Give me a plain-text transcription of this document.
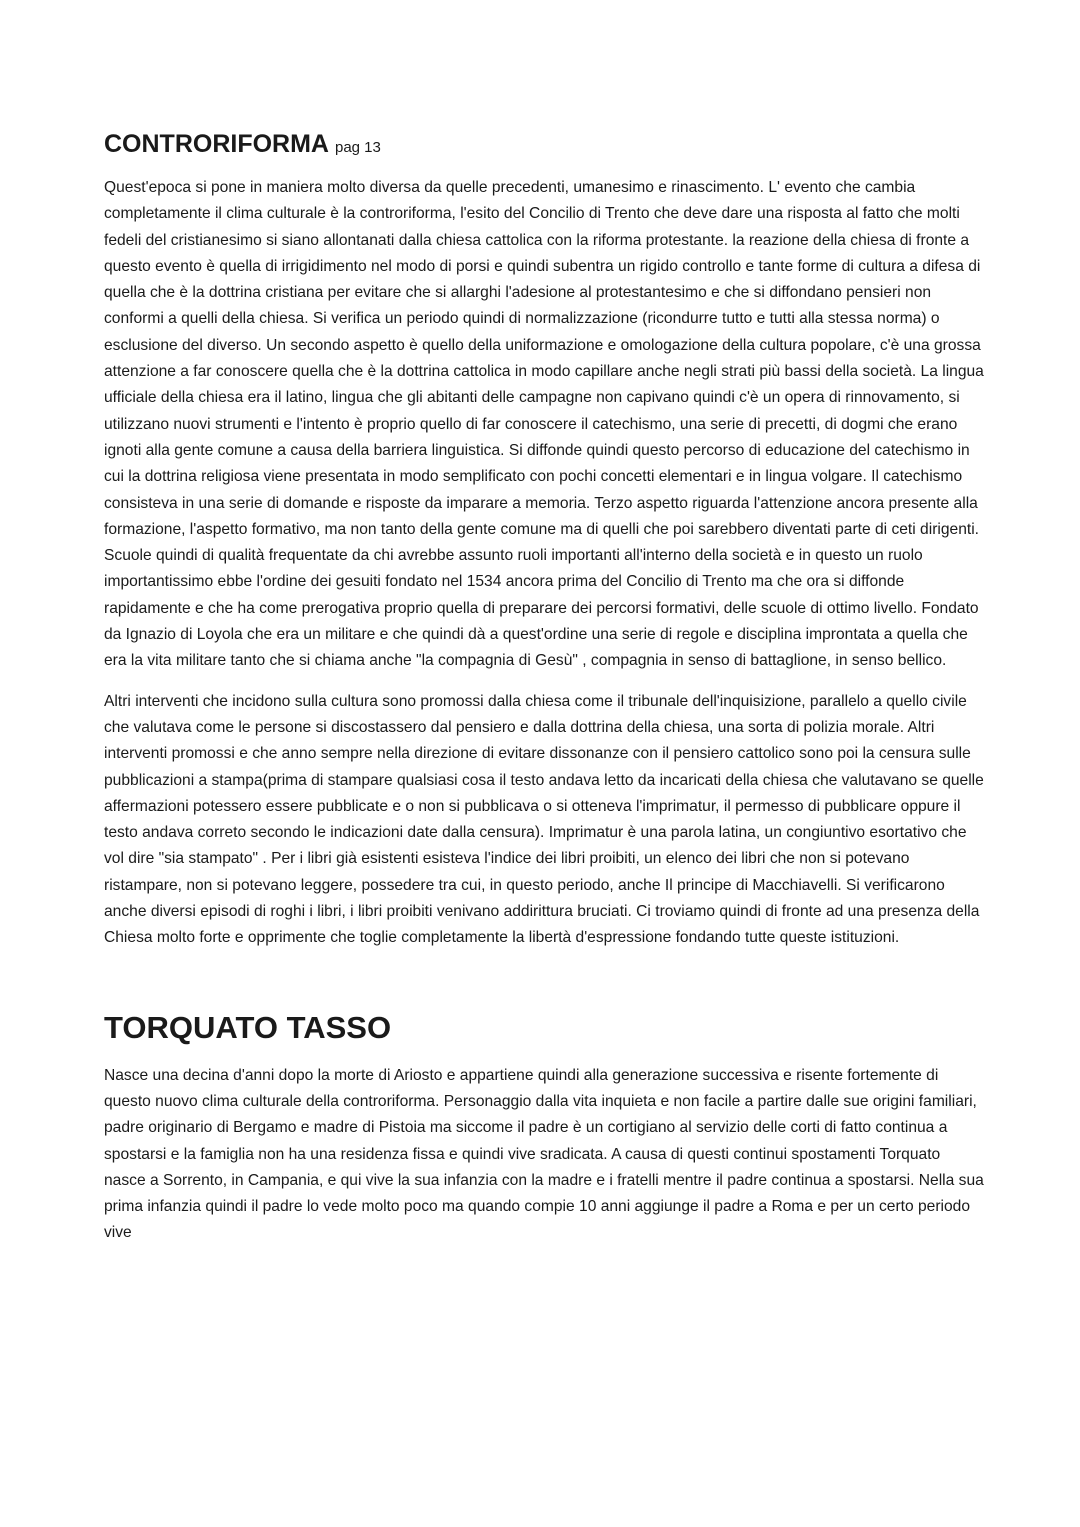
CONTRORIFORMA pag 13

Quest'epoca si pone in maniera molto diversa da quelle precedenti, umanesimo e rinascimento. L' evento che cambia completamente il clima culturale è la controriforma, l'esito del Concilio di Trento che deve dare una risposta al fatto che molti fedeli del cristianesimo si siano allontanati dalla chiesa cattolica con la riforma protestante. la reazione della chiesa di fronte a questo evento è quella di irrigidimento nel modo di porsi e quindi subentra un rigido controllo e tante forme di cultura a difesa di quella che è la dottrina cristiana per evitare che si allarghi l'adesione al protestantesimo e che si diffondano pensieri non conformi a quelli della chiesa. Si verifica un periodo quindi di normalizzazione (ricondurre tutto e tutti alla stessa norma) o esclusione del diverso. Un secondo aspetto è quello della uniformazione e omologazione della cultura popolare, c'è una grossa attenzione a far conoscere quella che è la dottrina cattolica in modo capillare anche negli strati più bassi della società. La lingua ufficiale della chiesa era il latino, lingua che gli abitanti delle campagne non capivano quindi c'è un opera di rinnovamento, si utilizzano nuovi strumenti e l'intento è proprio quello di far conoscere il catechismo, una serie di precetti, di dogmi che erano ignoti alla gente comune a causa della barriera linguistica. Si diffonde quindi questo percorso di educazione del catechismo in cui la dottrina religiosa viene presentata in modo semplificato con pochi concetti elementari e in lingua volgare. Il catechismo consisteva in una serie di domande e risposte da imparare a memoria. Terzo aspetto riguarda l'attenzione ancora presente alla formazione, l'aspetto formativo, ma non tanto della gente comune ma di quelli che poi sarebbero diventati parte di ceti dirigenti. Scuole quindi di qualità frequentate da chi avrebbe assunto ruoli importanti all'interno della società e in questo un ruolo importantissimo ebbe l'ordine dei gesuiti fondato nel 1534 ancora prima del Concilio di Trento ma che ora si diffonde rapidamente e che ha come prerogativa proprio quella di preparare dei percorsi formativi, delle scuole di ottimo livello. Fondato da Ignazio di Loyola che era un militare e che quindi dà a quest'ordine una serie di regole e disciplina improntata a quella che era la vita militare tanto che si chiama anche "la compagnia di Gesù" , compagnia in senso di battaglione, in senso bellico.

Altri interventi che incidono sulla cultura sono promossi dalla chiesa come il tribunale dell'inquisizione, parallelo a quello civile che valutava come le persone si discostassero dal pensiero e dalla dottrina della chiesa, una sorta di polizia morale. Altri interventi promossi e che anno sempre nella direzione di evitare dissonanze con il pensiero cattolico sono poi la censura sulle pubblicazioni a stampa(prima di stampare qualsiasi cosa il testo andava letto da incaricati della chiesa che valutavano se quelle affermazioni potessero essere pubblicate e o non si pubblicava o si otteneva l'imprimatur, il permesso di pubblicare oppure il testo andava correto secondo le indicazioni date dalla censura). Imprimatur è una parola latina, un congiuntivo esortativo che vol dire "sia stampato" . Per i libri già esistenti esisteva l'indice dei libri proibiti, un elenco dei libri che non si potevano ristampare, non si potevano leggere, possedere tra cui, in questo periodo, anche Il principe di Macchiavelli. Si verificarono anche diversi episodi di roghi i libri, i libri proibiti venivano addirittura bruciati. Ci troviamo quindi di fronte ad una presenza della Chiesa molto forte e opprimente che toglie completamente la libertà d'espressione fondando tutte queste istituzioni.

TORQUATO TASSO

Nasce una decina d'anni dopo la morte di Ariosto e appartiene quindi alla generazione successiva e risente fortemente di questo nuovo clima culturale della controriforma. Personaggio dalla vita inquieta e non facile a partire dalle sue origini familiari, padre originario di Bergamo e madre di Pistoia ma siccome il padre è un cortigiano al servizio delle corti di fatto continua a spostarsi e la famiglia non ha una residenza fissa e quindi vive sradicata. A causa di questi continui spostamenti Torquato nasce a Sorrento, in Campania, e qui vive la sua infanzia con la madre e i fratelli mentre il padre continua a spostarsi. Nella sua prima infanzia quindi il padre lo vede molto poco ma quando compie 10 anni aggiunge il padre a Roma e per un certo periodo vive
